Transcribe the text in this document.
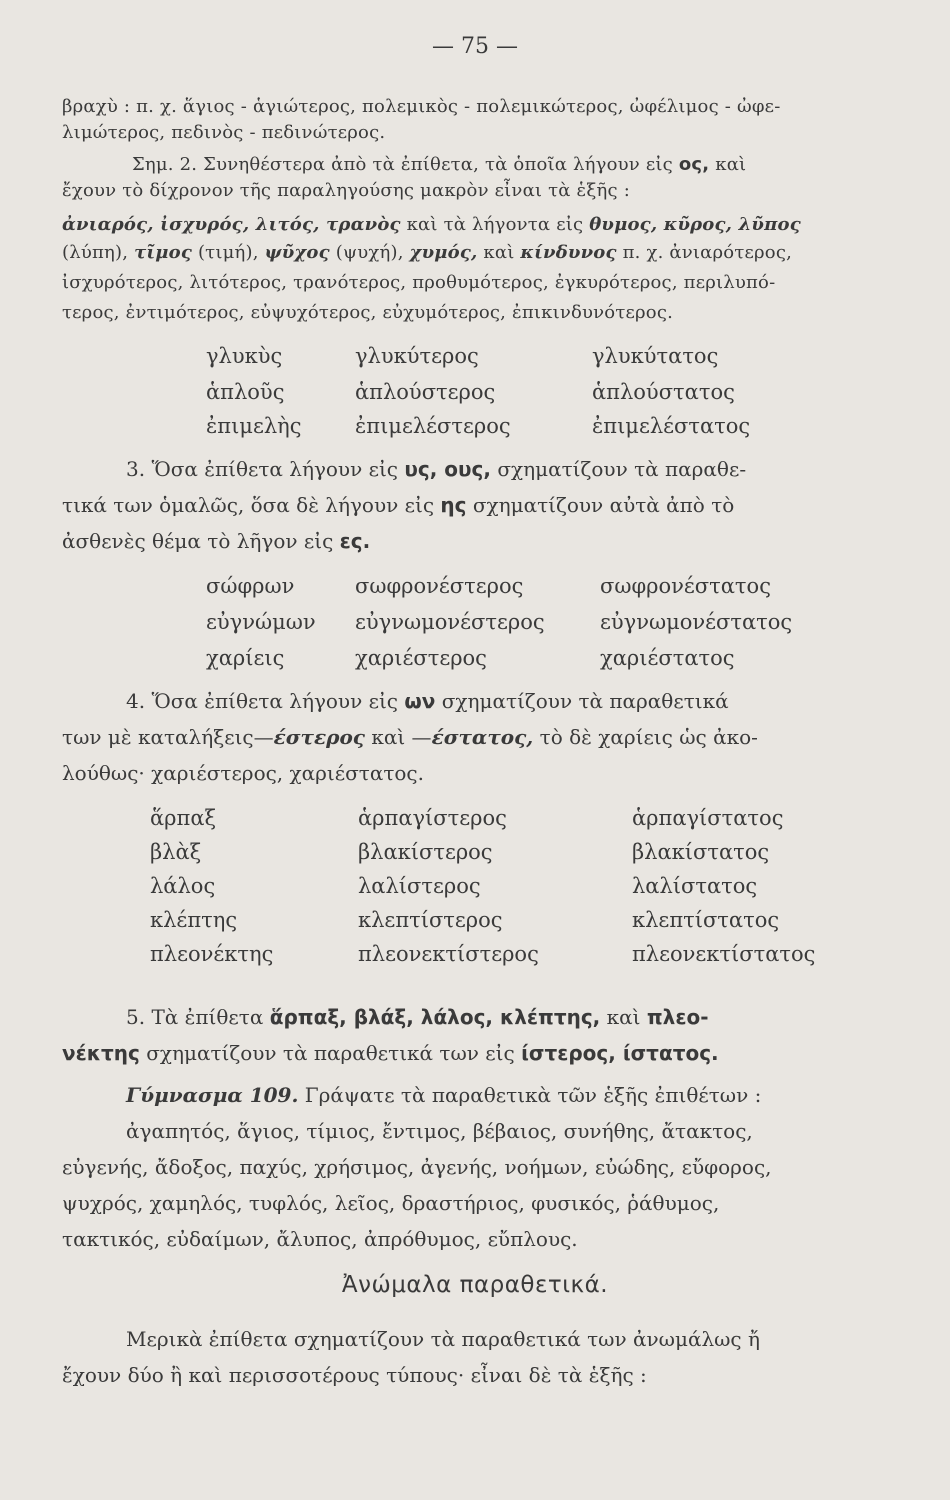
— 75 —
βραχὺ : π. χ. ἅγιος - ἁγιώτερος, πολεμικὸς - πολεμικώτερος, ὠφέλιμος - ὠφε-
λιμώτερος, πεδινὸς - πεδινώτερος.
Σημ. 2. Συνηθέστερα ἀπὸ τὰ ἐπίθετα, τὰ ὁποῖα λήγουν εἰς ος, καὶ
ἔχουν τὸ δίχρονον τῆς παραληγούσης μακρὸν εἶναι τὰ ἑξῆς :
ἀνιαρός, ἰσχυρός, λιτός, τρανὸς καὶ τὰ λήγοντα εἰς θυμος, κῦρος, λῦπος
(λύπη), τῖμος (τιμή), ψῦχος (ψυχή), χυμός, καὶ κίνδυνος π. χ. ἀνιαρότερος,
ἰσχυρότερος, λιτότερος, τρανότερος, προθυμότερος, ἐγκυρότερος, περιλυπό-
τερος, ἐντιμότερος, εὐψυχότερος, εὐχυμότερος, ἐπικινδυνότερος.
γλυκὺς	γλυκύτερος	γλυκύτατος
ἁπλοῦς	ἁπλούστερος	ἁπλούστατος
ἐπιμελὴς	ἐπιμελέστερος	ἐπιμελέστατος
3. Ὅσα ἐπίθετα λήγουν εἰς υς, ους, σχηματίζουν τὰ παραθε-
τικά των ὁμαλῶς, ὅσα δὲ λήγουν εἰς ης σχηματίζουν αὐτὰ ἀπὸ τὸ
ἀσθενὲς θέμα τὸ λῆγον εἰς ες.
σώφρων	σωφρονέστερος	σωφρονέστατος
εὐγνώμων εὐγνωμονέστερος	εὐγνωμονέστατος
χαρίεις	χαριέστερος	χαριέστατος
4. Ὅσα ἐπίθετα λήγουν εἰς ων σχηματίζουν τὰ παραθετικά
των μὲ καταλήξεις—έστερος καὶ —έστατος, τὸ δὲ χαρίεις ὡς ἀκο-
λούθως· χαριέστερος, χαριέστατος.
ἅρπαξ	ἁρπαγίστερος	ἁρπαγίστατος
βλὰξ	βλακίστερος	βλακίστατος
λάλος	λαλίστερος	λαλίστατος
κλέπτης	κλεπτίστερος	κλεπτίστατος
πλεονέκτης	πλεονεκτίστερος	πλεονεκτίστατος
5. Τὰ ἐπίθετα ἅρπαξ, βλάξ, λάλος, κλέπτης, καὶ πλεο-
νέκτης σχηματίζουν τὰ παραθετικά των εἰς ίστερος, ίστατος.
Γύμνασμα 109. Γράψατε τὰ παραθετικὰ τῶν ἑξῆς ἐπιθέτων :
ἀγαπητός, ἅγιος, τίμιος, ἔντιμος, βέβαιος, συνήθης, ἄτακτος,
εὐγενής, ἄδοξος, παχύς, χρήσιμος, ἀγενής, νοήμων, εὐώδης, εὔφορος,
ψυχρός, χαμηλός, τυφλός, λεῖος, δραστήριος, φυσικός, ῥάθυμος,
τακτικός, εὐδαίμων, ἄλυπος, ἀπρόθυμος, εὔπλους.
Ἀνώμαλα παραθετικά.
Μερικὰ ἐπίθετα σχηματίζουν τὰ παραθετικά των ἀνωμάλως ἤ
ἔχουν δύο ἢ καὶ περισσοτέρους τύπους· εἶναι δὲ τὰ ἑξῆς :
